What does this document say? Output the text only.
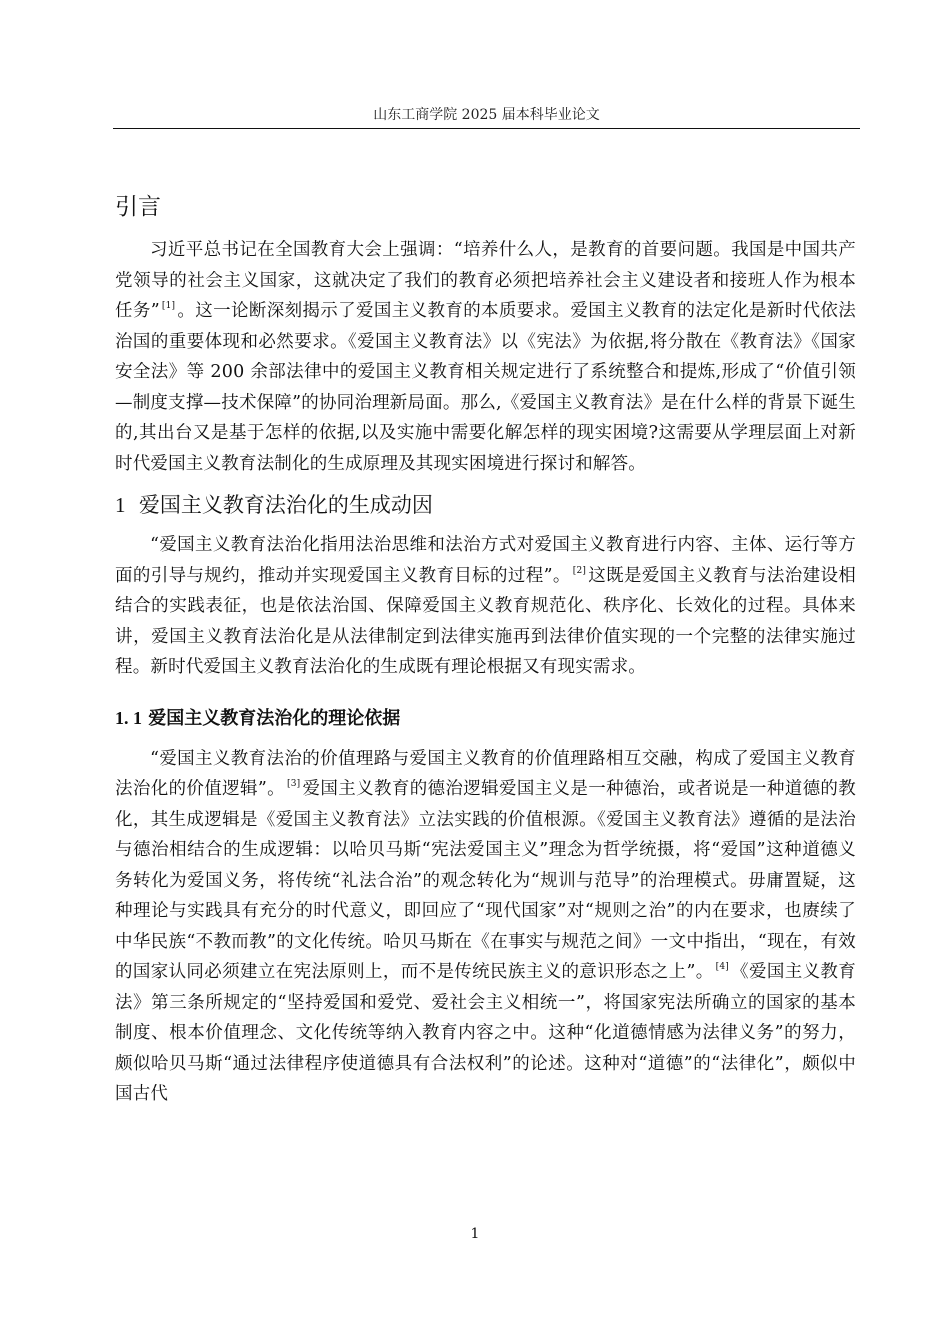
山东工商学院 2025 届本科毕业论文
引言

习近平总书记在全国教育大会上强调：“培养什么人，是教育的首要问题。我国是中国共产党领导的社会主义国家，这就决定了我们的教育必须把培养社会主义建设者和接班人作为根本任务” [1] 。这一论断深刻揭示了爱国主义教育的本质要求。爱国主义教育的法定化是新时代依法治国的重要体现和必然要求。《爱国主义教育法》以《宪法》为依据,将分散在《教育法》《国家安全法》等 200 余部法律中的爱国主义教育相关规定进行了系统整合和提炼,形成了“价值引领—制度支撑—技术保障”的协同治理新局面。那么,《爱国主义教育法》是在什么样的背景下诞生的,其出台又是基于怎样的依据,以及实施中需要化解怎样的现实困境?这需要从学理层面上对新时代爱国主义教育法制化的生成原理及其现实困境进行探讨和解答。

1 爱国主义教育法治化的生成动因

“爱国主义教育法治化指用法治思维和法治方式对爱国主义教育进行内容、主体、运行等方面的引导与规约，推动并实现爱国主义教育目标的过程”。 [2] 这既是爱国主义教育与法治建设相结合的实践表征，也是依法治国、保障爱国主义教育规范化、秩序化、长效化的过程。具体来讲，爱国主义教育法治化是从法律制定到法律实施再到法律价值实现的一个完整的法律实施过程。新时代爱国主义教育法治化的生成既有理论根据又有现实需求。

1. 1 爱国主义教育法治化的理论依据

“爱国主义教育法治的价值理路与爱国主义教育的价值理路相互交融，构成了爱国主义教育法治化的价值逻辑”。 [3] 爱国主义教育的德治逻辑爱国主义是一种德治，或者说是一种道德的教化，其生成逻辑是《爱国主义教育法》立法实践的价值根源。《爱国主义教育法》遵循的是法治与德治相结合的生成逻辑：以哈贝马斯“宪法爱国主义”理念为哲学统摄，将“爱国”这种道德义务转化为爱国义务，将传统“礼法合治”的观念转化为“规训与范导”的治理模式。毋庸置疑，这种理论与实践具有充分的时代意义，即回应了“现代国家”对“规则之治”的内在要求，也赓续了中华民族“不教而教”的文化传统。哈贝马斯在《在事实与规范之间》一文中指出，“现在，有效的国家认同必须建立在宪法原则上，而不是传统民族主义的意识形态之上”。 [4] 《爱国主义教育法》第三条所规定的“坚持爱国和爱党、爱社会主义相统一”，将国家宪法所确立的国家的基本制度、根本价值理念、文化传统等纳入教育内容之中。这种“化道德情感为法律义务”的努力，颇似哈贝马斯“通过法律程序使道德具有合法权利”的论述。这种对“道德”的“法律化”，颇似中国古代

1
